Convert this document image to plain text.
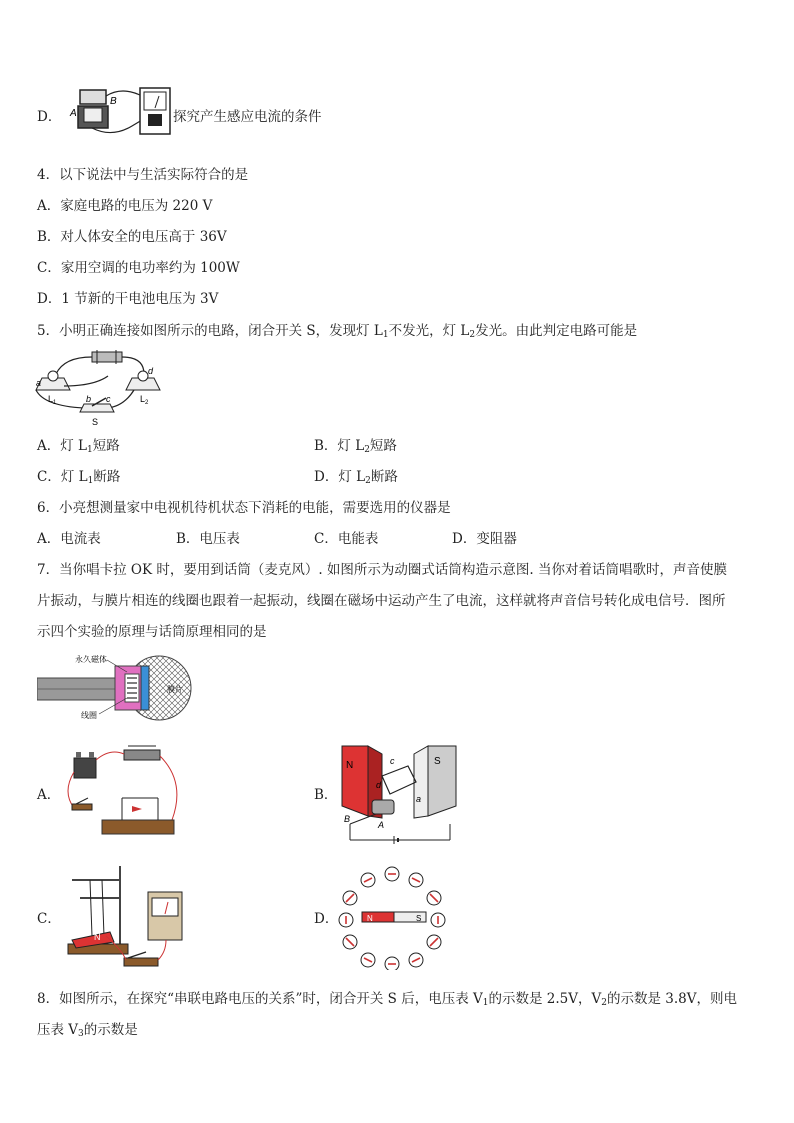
D． A
B
探究产生感应电流的条件
4．以下说法中与生活实际符合的是
A．家庭电路的电压为 220 V
B．对人体安全的电压高于 36V
C．家用空调的电功率约为 100W
D．1 节新的干电池电压为 3V
5．小明正确连接如图所示的电路，闭合开关 S，发现灯 $L_1$不发光，灯 $L_2$发光。由此判定电路可能是
a
b c
d
$L_1$	$L_2$
S
A．灯 $L_1$短路	B．灯 $L_2$短路
C．灯 $L_1$断路	D．灯 $L_2$断路
6．小亮想测量家中电视机待机状态下消耗的电能，需要选用的仪器是
A．电流表	B．电压表	C．电能表	D．变阻器
7．当你唱卡拉 OK 时，要用到话筒（麦克风）. 如图所示为动圈式话筒构造示意图. 当你对着话筒唱歌时，声音使膜
片振动，与膜片相连的线圈也跟着一起振动，线圈在磁场中运动产生了电流，这样就将声音信号转化成电信号．图所
示四个实验的原理与话筒原理相同的是
永久磁体
膜片
线圈
A．	B．
N	S
c
d
a
B
A
C．
N
D．	N	S
8．如图所示，在探究“串联电路电压的关系”时，闭合开关 S 后，电压表 $V_1$的示数是 2.5V，$V_2$的示数是 3.8V，则电
压表 $V_3$的示数是
